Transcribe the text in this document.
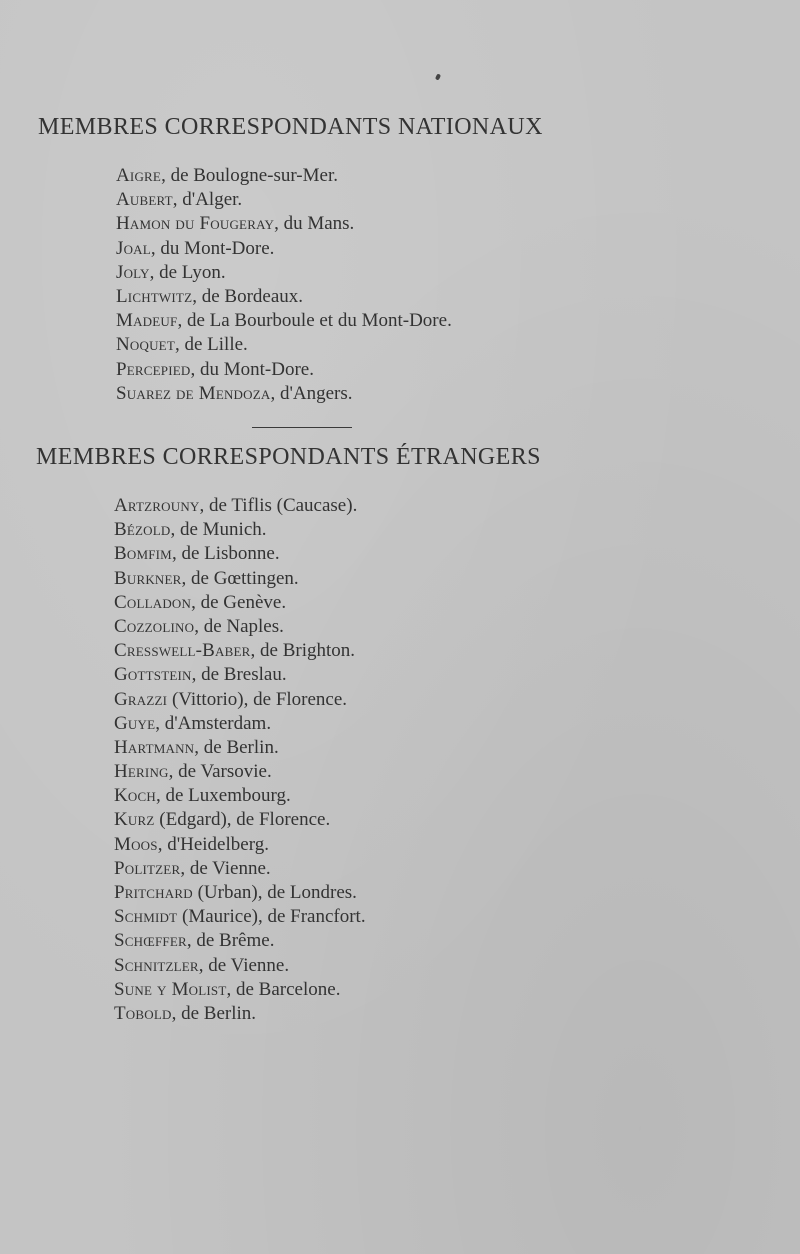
MEMBRES CORRESPONDANTS NATIONAUX
Aigre, de Boulogne-sur-Mer.
Aubert, d'Alger.
Hamon du Fougeray, du Mans.
Joal, du Mont-Dore.
Joly, de Lyon.
Lichtwitz, de Bordeaux.
Madeuf, de La Bourboule et du Mont-Dore.
Noquet, de Lille.
Percepied, du Mont-Dore.
Suarez de Mendoza, d'Angers.
MEMBRES CORRESPONDANTS ÉTRANGERS
Artzrouny, de Tiflis (Caucase).
Bézold, de Munich.
Bomfim, de Lisbonne.
Burkner, de Gœttingen.
Colladon, de Genève.
Cozzolino, de Naples.
Cresswell-Baber, de Brighton.
Gottstein, de Breslau.
Grazzi (Vittorio), de Florence.
Guye, d'Amsterdam.
Hartmann, de Berlin.
Hering, de Varsovie.
Koch, de Luxembourg.
Kurz (Edgard), de Florence.
Moos, d'Heidelberg.
Politzer, de Vienne.
Pritchard (Urban), de Londres.
Schmidt (Maurice), de Francfort.
Schœffer, de Brême.
Schnitzler, de Vienne.
Sune y Molist, de Barcelone.
Tobold, de Berlin.
